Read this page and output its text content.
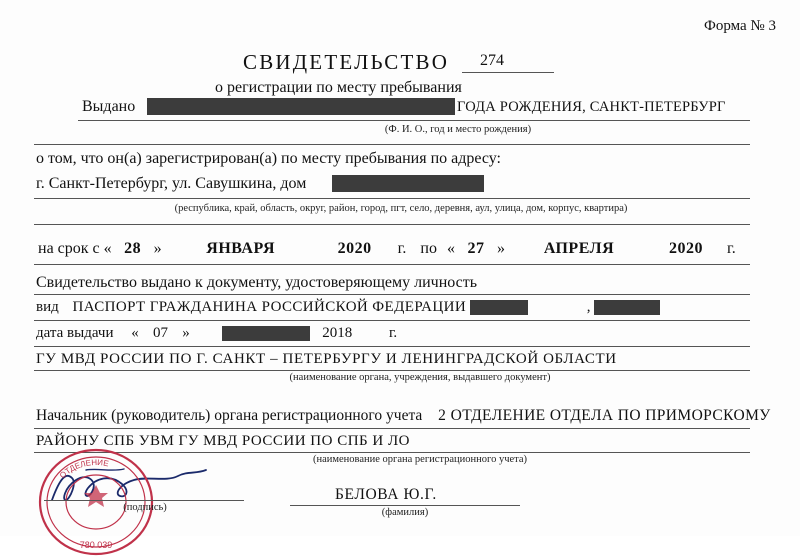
Форма № 3
СВИДЕТЕЛЬСТВО 274
о регистрации по месту пребывания
Выдано	ГОДА РОЖДЕНИЯ, САНКТ-ПЕТЕРБУРГ
(Ф. И. О., год и место рождения)
о том, что он(а) зарегистрирован(а) по месту пребывания по адресу:
г. Санкт-Петербург, ул. Савушкина, дом
(республика, край, область, округ, район, город, пгт, село, деревня, аул, улица, дом, корпус, квартира)
на срок с « 28 »	ЯНВАРЯ	2020 г. по « 27 » АПРЕЛЯ	2020 г.
Свидетельство выдано к документу, удостоверяющему личность
вид ПАСПОРТ ГРАЖДАНИНА РОССИЙСКОЙ ФЕДЕРАЦИИ	,
дата выдачи « 07 »	2018 г.
ГУ МВД РОССИИ ПО Г. САНКТ – ПЕТЕРБУРГУ И ЛЕНИНГРАДСКОЙ ОБЛАСТИ
(наименование органа, учреждения, выдавшего документ)
Начальник (руководитель) органа регистрационного учета 2 ОТДЕЛЕНИЕ ОТДЕЛА ПО ПРИМОРСКОМУ
РАЙОНУ СПБ УВМ ГУ МВД РОССИИ ПО СПБ И ЛО
(наименование органа регистрационного учета)
ОТДЕЛЕНИЕ
780 039
(подпись)
БЕЛОВА Ю.Г.
(фамилия)
